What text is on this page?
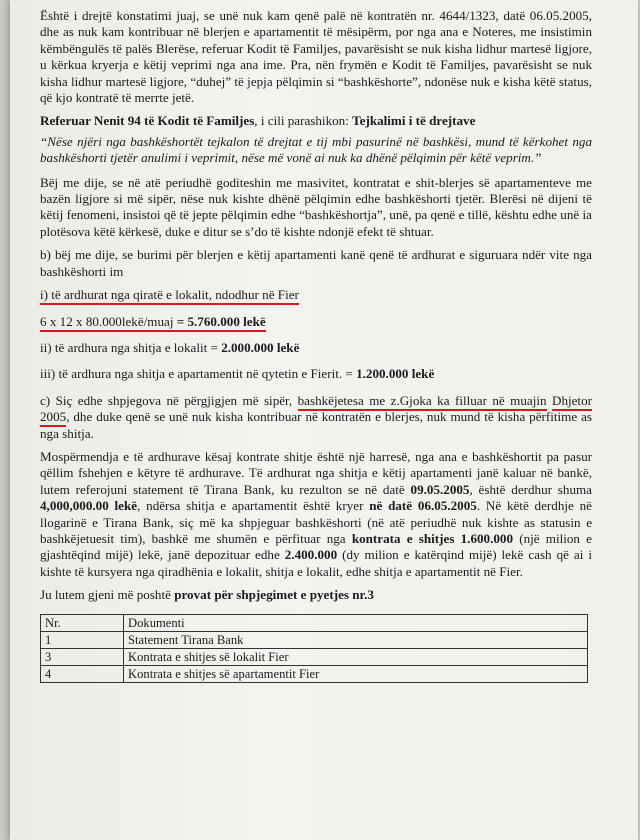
Është i drejtë konstatimi juaj, se unë nuk kam qenë palë në kontratën nr. 4644/1323, datë 06.05.2005, dhe as nuk kam kontribuar në blerjen e apartamentit të mësipërm, por nga ana e Noteres, me insistimin këmbëngulës të palës Blerëse, referuar Kodit të Familjes, pavarësisht se nuk kisha lidhur martesë ligjore, u kërkua kryerja e këtij veprimi nga ana ime. Pra, nën frymën e Kodit të Familjes, pavarësisht se nuk kisha lidhur martesë ligjore, “duhej” të jepja pëlqimin si “bashkëshorte”, ndonëse nuk e kisha këtë status, që kjo kontratë të merrte jetë.

Referuar Nenit 94 të Kodit të Familjes, i cili parashikon: Tejkalimi i të drejtave

“Nëse njëri nga bashkëshortët tejkalon të drejtat e tij mbi pasurinë në bashkësi, mund të kërkohet nga bashkëshorti tjetër anulimi i veprimit, nëse më vonë ai nuk ka dhënë pëlqimin për këtë veprim.”

Bëj me dije, se në atë periudhë goditeshin me masivitet, kontratat e shit-blerjes së apartamenteve me bazën ligjore si më sipër, nëse nuk kishte dhënë pëlqimin edhe bashkëshorti tjetër. Blerësi në dijeni të këtij fenomeni, insistoi që të jepte pëlqimin edhe “bashkëshortja”, unë, pa qenë e tillë, kështu edhe unë ia plotësova këtë kërkesë, duke e ditur se s’do të kishte ndonjë efekt të shtuar.

b) bëj me dije, se burimi për blerjen e këtij apartamenti kanë qenë të ardhurat e siguruara ndër vite nga bashkëshorti im

i) të ardhurat nga qiratë e lokalit, ndodhur në Fier

6 x 12 x 80.000lekë/muaj = 5.760.000 lekë

ii) të ardhura nga shitja e lokalit = 2.000.000 lekë

iii) të ardhura nga shitja e apartamentit në qytetin e Fierit. = 1.200.000 lekë

c) Siç edhe shpjegova në përgjigjen më sipër, bashkëjetesa me z.Gjoka ka filluar në muajin Dhjetor 2005, dhe duke qenë se unë nuk kisha kontribuar në kontratën e blerjes, nuk mund të kisha përfitime as nga shitja.

Mospërmendja e të ardhurave kësaj kontrate shitje është një harresë, nga ana e bashkëshortit pa pasur qëllim fshehjen e këtyre të ardhurave. Të ardhurat nga shitja e këtij apartamenti janë kaluar në bankë, lutem referojuni statement të Tirana Bank, ku rezulton se në datë 09.05.2005, është derdhur shuma 4,000,000.00 lekë, ndërsa shitja e apartamentit është kryer në datë 06.05.2005. Në këtë derdhje në llogarinë e Tirana Bank, siç më ka shpjeguar bashkëshorti (në atë periudhë nuk kishte as statusin e bashkëjetuesit tim), bashkë me shumën e përfituar nga kontrata e shitjes 1.600.000 (një milion e gjashtëqind mijë) lekë, janë depozituar edhe 2.400.000 (dy milion e katërqind mijë) lekë cash që ai i kishte të kursyera nga qiradhënia e lokalit, shitja e lokalit, edhe shitja e apartamentit në Fier.

Ju lutem gjeni më poshtë provat për shpjegimet e pyetjes nr.3

Nr.	Dokumenti
1	Statement Tirana Bank
3	Kontrata e shitjes së lokalit Fier
4	Kontrata e shitjes së apartamentit Fier
